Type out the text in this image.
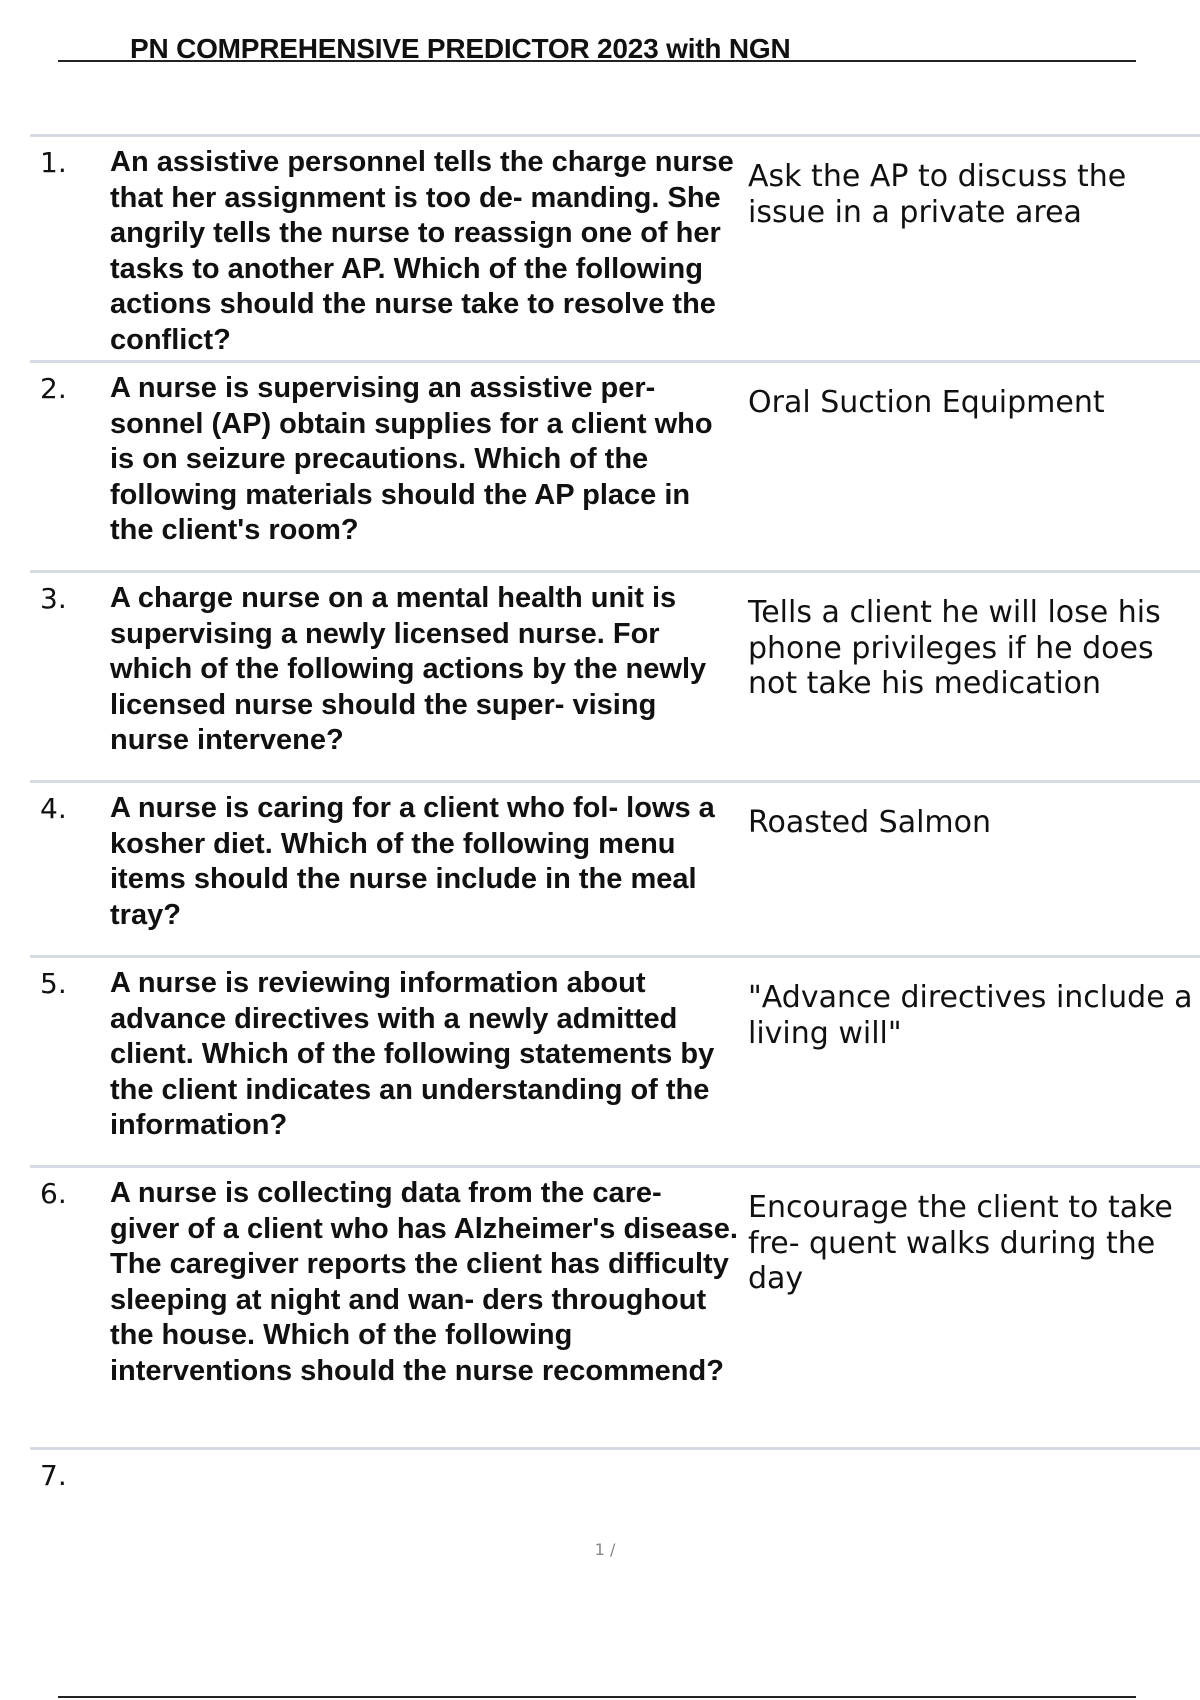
PN COMPREHENSIVE PREDICTOR 2023 with NGN
1.	An assistive personnel tells the charge nurse that her assignment is too de- manding. She angrily tells the nurse to reassign one of her tasks to another AP. Which of the following actions should the nurse take to resolve the conflict?
Ask the AP to discuss the issue in a private area
2.	A nurse is supervising an assistive per- sonnel (AP) obtain supplies for a client who is on seizure precautions. Which of the following materials should the AP place in the client's room?
Oral Suction Equipment
3.	A charge nurse on a mental health unit is supervising a newly licensed nurse. For which of the following actions by the newly licensed nurse should the super- vising nurse intervene?
Tells a client he will lose his phone privileges if he does not take his medication
4.	A nurse is caring for a client who fol- lows a kosher diet. Which of the following menu items should the nurse include in the meal tray?
Roasted Salmon
5.	A nurse is reviewing information about advance directives with a newly admitted client. Which of the following statements by the client indicates an understanding of the information?
"Advance directives include a living will"
6.	A nurse is collecting data from the care- giver of a client who has Alzheimer's disease. The caregiver reports the client has difficulty sleeping at night and wan- ders throughout the house. Which of the following interventions should the nurse recommend?
Encourage the client to take fre- quent walks during the day
7.
1 /
